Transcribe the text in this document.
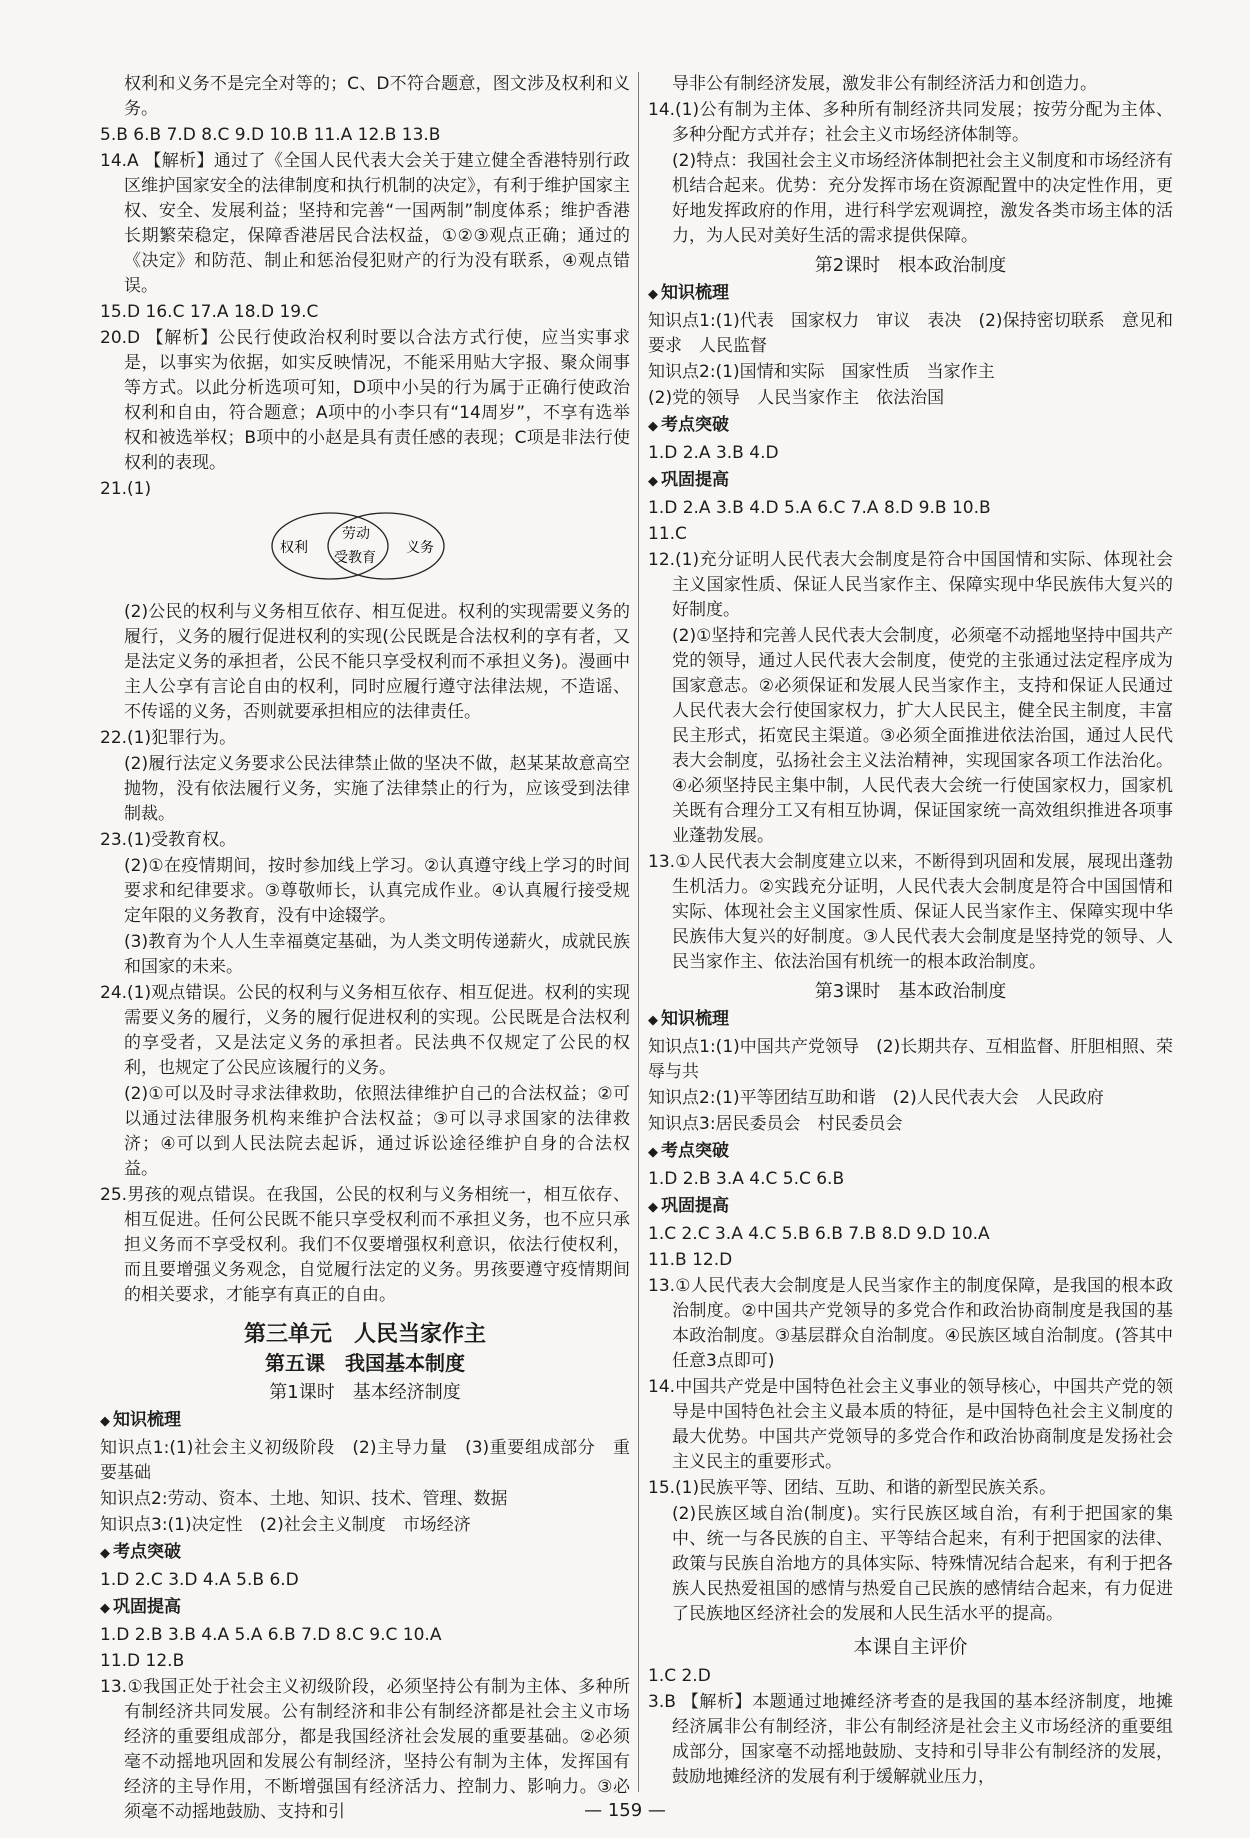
权利和义务不是完全对等的；C、D不符合题意，图文涉及权利和义务。

5.B 6.B 7.D 8.C 9.D 10.B 11.A 12.B 13.B

14.A 【解析】通过了《全国人民代表大会关于建立健全香港特别行政区维护国家安全的法律制度和执行机制的决定》，有利于维护国家主权、安全、发展利益；坚持和完善“一国两制”制度体系；维护香港长期繁荣稳定，保障香港居民合法权益，①②③观点正确；通过的《决定》和防范、制止和惩治侵犯财产的行为没有联系，④观点错误。

15.D 16.C 17.A 18.D 19.C

20.D 【解析】公民行使政治权利时要以合法方式行使，应当实事求是，以事实为依据，如实反映情况，不能采用贴大字报、聚众闹事等方式。以此分析选项可知，D项中小吴的行为属于正确行使政治权利和自由，符合题意；A项中的小李只有“14周岁”，不享有选举权和被选举权；B项中的小赵是具有责任感的表现；C项是非法行使权利的表现。

21.(1)

权利
劳动
受教育
义务

(2)公民的权利与义务相互依存、相互促进。权利的实现需要义务的履行，义务的履行促进权利的实现(公民既是合法权利的享有者，又是法定义务的承担者，公民不能只享受权利而不承担义务)。漫画中主人公享有言论自由的权利，同时应履行遵守法律法规，不造谣、不传谣的义务，否则就要承担相应的法律责任。

22.(1)犯罪行为。

(2)履行法定义务要求公民法律禁止做的坚决不做，赵某某故意高空抛物，没有依法履行义务，实施了法律禁止的行为，应该受到法律制裁。

23.(1)受教育权。

(2)①在疫情期间，按时参加线上学习。②认真遵守线上学习的时间要求和纪律要求。③尊敬师长，认真完成作业。④认真履行接受规定年限的义务教育，没有中途辍学。

(3)教育为个人人生幸福奠定基础，为人类文明传递薪火，成就民族和国家的未来。

24.(1)观点错误。公民的权利与义务相互依存、相互促进。权利的实现需要义务的履行，义务的履行促进权利的实现。公民既是合法权利的享受者，又是法定义务的承担者。民法典不仅规定了公民的权利，也规定了公民应该履行的义务。

(2)①可以及时寻求法律救助，依照法律维护自己的合法权益；②可以通过法律服务机构来维护合法权益；③可以寻求国家的法律救济；④可以到人民法院去起诉，通过诉讼途径维护自身的合法权益。

25.男孩的观点错误。在我国，公民的权利与义务相统一，相互依存、相互促进。任何公民既不能只享受权利而不承担义务，也不应只承担义务而不享受权利。我们不仅要增强权利意识，依法行使权利，而且要增强义务观念，自觉履行法定的义务。男孩要遵守疫情期间的相关要求，才能享有真正的自由。

第三单元　人民当家作主
第五课　我国基本制度
第1课时　基本经济制度
◆ 知识梳理

知识点1:(1)社会主义初级阶段　(2)主导力量　(3)重要组成部分　重要基础

知识点2:劳动、资本、土地、知识、技术、管理、数据

知识点3:(1)决定性　(2)社会主义制度　市场经济

◆ 考点突破

1.D 2.C 3.D 4.A 5.B 6.D

◆ 巩固提高

1.D 2.B 3.B 4.A 5.A 6.B 7.D 8.C 9.C 10.A

11.D 12.B

13.①我国正处于社会主义初级阶段，必须坚持公有制为主体、多种所有制经济共同发展。公有制经济和非公有制经济都是社会主义市场经济的重要组成部分，都是我国经济社会发展的重要基础。②必须毫不动摇地巩固和发展公有制经济，坚持公有制为主体，发挥国有经济的主导作用，不断增强国有经济活力、控制力、影响力。③必须毫不动摇地鼓励、支持和引

导非公有制经济发展，激发非公有制经济活力和创造力。

14.(1)公有制为主体、多种所有制经济共同发展；按劳分配为主体、多种分配方式并存；社会主义市场经济体制等。

(2)特点：我国社会主义市场经济体制把社会主义制度和市场经济有机结合起来。优势：充分发挥市场在资源配置中的决定性作用，更好地发挥政府的作用，进行科学宏观调控，激发各类市场主体的活力，为人民对美好生活的需求提供保障。

第2课时　根本政治制度
◆ 知识梳理

知识点1:(1)代表　国家权力　审议　表决　(2)保持密切联系　意见和要求　人民监督

知识点2:(1)国情和实际　国家性质　当家作主

(2)党的领导　人民当家作主　依法治国

◆ 考点突破

1.D 2.A 3.B 4.D

◆ 巩固提高

1.D 2.A 3.B 4.D 5.A 6.C 7.A 8.D 9.B 10.B

11.C

12.(1)充分证明人民代表大会制度是符合中国国情和实际、体现社会主义国家性质、保证人民当家作主、保障实现中华民族伟大复兴的好制度。

(2)①坚持和完善人民代表大会制度，必须毫不动摇地坚持中国共产党的领导，通过人民代表大会制度，使党的主张通过法定程序成为国家意志。②必须保证和发展人民当家作主，支持和保证人民通过人民代表大会行使国家权力，扩大人民民主，健全民主制度，丰富民主形式，拓宽民主渠道。③必须全面推进依法治国，通过人民代表大会制度，弘扬社会主义法治精神，实现国家各项工作法治化。④必须坚持民主集中制，人民代表大会统一行使国家权力，国家机关既有合理分工又有相互协调，保证国家统一高效组织推进各项事业蓬勃发展。

13.①人民代表大会制度建立以来，不断得到巩固和发展，展现出蓬勃生机活力。②实践充分证明，人民代表大会制度是符合中国国情和实际、体现社会主义国家性质、保证人民当家作主、保障实现中华民族伟大复兴的好制度。③人民代表大会制度是坚持党的领导、人民当家作主、依法治国有机统一的根本政治制度。

第3课时　基本政治制度
◆ 知识梳理

知识点1:(1)中国共产党领导　(2)长期共存、互相监督、肝胆相照、荣辱与共

知识点2:(1)平等团结互助和谐　(2)人民代表大会　人民政府

知识点3:居民委员会　村民委员会

◆ 考点突破

1.D 2.B 3.A 4.C 5.C 6.B

◆ 巩固提高

1.C 2.C 3.A 4.C 5.B 6.B 7.B 8.D 9.D 10.A

11.B 12.D

13.①人民代表大会制度是人民当家作主的制度保障，是我国的根本政治制度。②中国共产党领导的多党合作和政治协商制度是我国的基本政治制度。③基层群众自治制度。④民族区域自治制度。(答其中任意3点即可)

14.中国共产党是中国特色社会主义事业的领导核心，中国共产党的领导是中国特色社会主义最本质的特征，是中国特色社会主义制度的最大优势。中国共产党领导的多党合作和政治协商制度是发扬社会主义民主的重要形式。

15.(1)民族平等、团结、互助、和谐的新型民族关系。

(2)民族区域自治(制度)。实行民族区域自治，有利于把国家的集中、统一与各民族的自主、平等结合起来，有利于把国家的法律、政策与民族自治地方的具体实际、特殊情况结合起来，有利于把各族人民热爱祖国的感情与热爱自己民族的感情结合起来，有力促进了民族地区经济社会的发展和人民生活水平的提高。

本课自主评价

1.C 2.D

3.B 【解析】本题通过地摊经济考查的是我国的基本经济制度，地摊经济属非公有制经济，非公有制经济是社会主义市场经济的重要组成部分，国家毫不动摇地鼓励、支持和引导非公有制经济的发展，鼓励地摊经济的发展有利于缓解就业压力，

— 159 —
